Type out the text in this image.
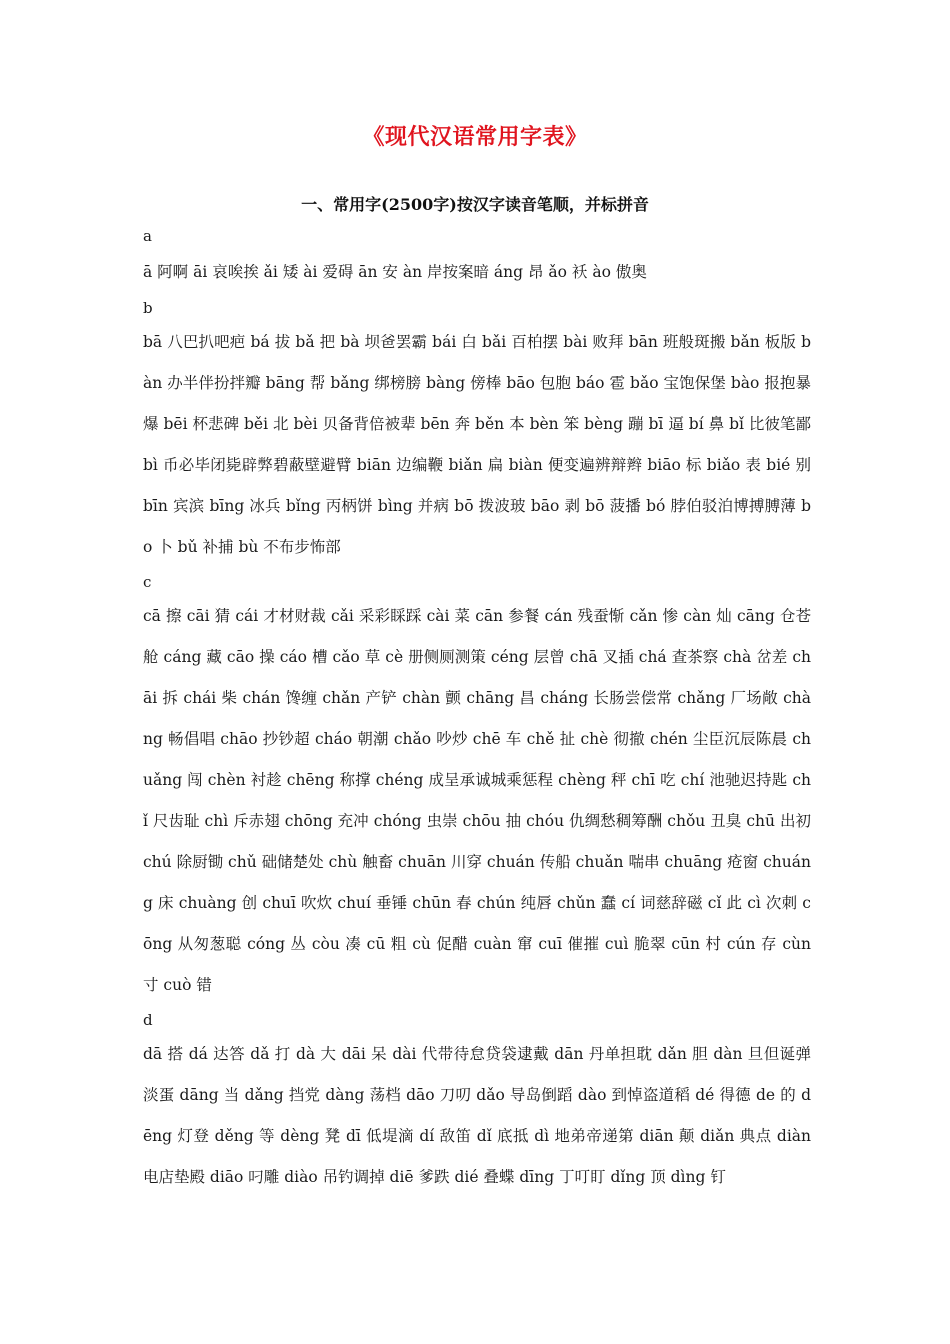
《现代汉语常用字表》
一、常用字(2500字)按汉字读音笔顺，并标拼音

a

ā 阿啊 āi 哀唉挨 ǎi 矮 ài 爱碍 ān 安 àn 岸按案暗 áng 昂 ǎo 袄 ào 傲奥

b

bā 八巴扒吧疤 bá 拔 bǎ 把 bà 坝爸罢霸 bái 白 bǎi 百柏摆 bài 败拜 bān 班般斑搬 bǎn 板版 bàn 办半伴扮拌瓣 bāng 帮 bǎng 绑榜膀 bàng 傍棒 bāo 包胞 báo 雹 bǎo 宝饱保堡 bào 报抱暴爆 bēi 杯悲碑 běi 北 bèi 贝备背倍被辈 bēn 奔 běn 本 bèn 笨 bèng 蹦 bī 逼 bí 鼻 bǐ 比彼笔鄙 bì 币必毕闭毙辟弊碧蔽壁避臂 biān 边编鞭 biǎn 扁 biàn 便变遍辨辩辫 biāo 标 biǎo 表 bié 别 bīn 宾滨 bīng 冰兵 bǐng 丙柄饼 bìng 并病 bō 拨波玻 bāo 剥 bō 菠播 bó 脖伯驳泊博搏膊薄 bo 卜 bǔ 补捕 bù 不布步怖部

c

cā 擦 cāi 猜 cái 才材财裁 cǎi 采彩睬踩 cài 菜 cān 参餐 cán 残蚕惭 cǎn 惨 càn 灿 cāng 仓苍舱 cáng 藏 cāo 操 cáo 槽 cǎo 草 cè 册侧厕测策 céng 层曾 chā 叉插 chá 查茶察 chà 岔差 chāi 拆 chái 柴 chán 馋缠 chǎn 产铲 chàn 颤 chāng 昌 cháng 长肠尝偿常 chǎng 厂场敞 chàng 畅倡唱 chāo 抄钞超 cháo 朝潮 chǎo 吵炒 chē 车 chě 扯 chè 彻撤 chén 尘臣沉辰陈晨 chuǎng 闯 chèn 衬趁 chēng 称撑 chéng 成呈承诚城乘惩程 chèng 秤 chī 吃 chí 池驰迟持匙 chǐ 尺齿耻 chì 斥赤翅 chōng 充冲 chóng 虫崇 chōu 抽 chóu 仇绸愁稠筹酬 chǒu 丑臭 chū 出初 chú 除厨锄 chǔ 础储楚处 chù 触畜 chuān 川穿 chuán 传船 chuǎn 喘串 chuāng 疮窗 chuáng 床 chuàng 创 chuī 吹炊 chuí 垂锤 chūn 春 chún 纯唇 chǔn 蠢 cí 词慈辞磁 cǐ 此 cì 次刺 cōng 从匆葱聪 cóng 丛 còu 凑 cū 粗 cù 促醋 cuàn 窜 cuī 催摧 cuì 脆翠 cūn 村 cún 存 cùn 寸 cuò 错

d

dā 搭 dá 达答 dǎ 打 dà 大 dāi 呆 dài 代带待怠贷袋逮戴 dān 丹单担耽 dǎn 胆 dàn 旦但诞弹淡蛋 dāng 当 dǎng 挡党 dàng 荡档 dāo 刀叨 dǎo 导岛倒蹈 dào 到悼盗道稻 dé 得德 de 的 dēng 灯登 děng 等 dèng 凳 dī 低堤滴 dí 敌笛 dǐ 底抵 dì 地弟帝递第 diān 颠 diǎn 典点 diàn 电店垫殿 diāo 叼雕 diào 吊钓调掉 diē 爹跌 dié 叠蝶 dīng 丁叮盯 dǐng 顶 dìng 钉
